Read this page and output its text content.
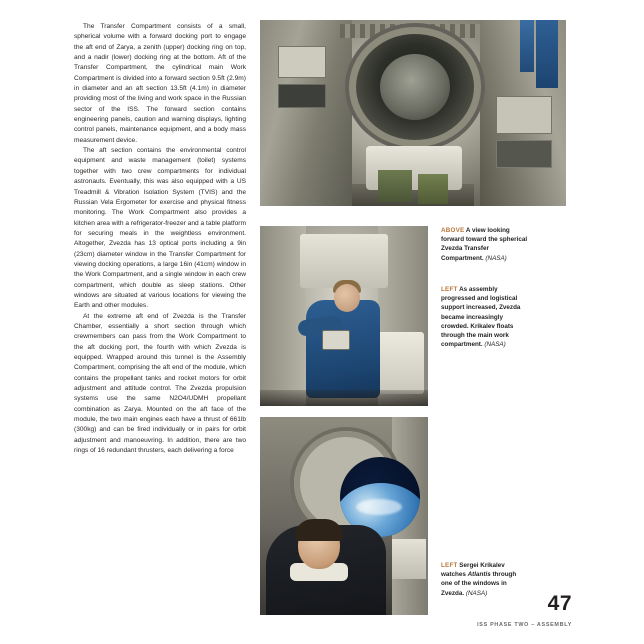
The Transfer Compartment consists of a small, spherical volume with a forward docking port to engage the aft end of Zarya, a zenith (upper) docking ring on top, and a nadir (lower) docking ring at the bottom. Aft of the Transfer Compartment, the cylindrical main Work Compartment is divided into a forward section 9.5ft (2.9m) in diameter and an aft section 13.5ft (4.1m) in diameter providing most of the living and work space in the Russian sector of the ISS. The forward section contains engineering panels, caution and warning displays, lighting control panels, maintenance equipment, and a body mass measurement device.

The aft section contains the environmental control equipment and waste management (toilet) systems together with two crew compartments for individual astronauts. Eventually, this was also equipped with a US Treadmill & Vibration Isolation System (TVIS) and the Russian Vela Ergometer for exercise and physical fitness monitoring. The Work Compartment also provides a kitchen area with a refrigerator-freezer and a table platform for securing meals in the weightless environment. Altogether, Zvezda has 13 optical ports including a 9in (23cm) diameter window in the Transfer Compartment for viewing docking operations, a large 16in (41cm) window in the Work Compartment, and a single window in each crew compartment, which double as sleep stations. Other windows are situated at various locations for viewing the Earth and other modules.

At the extreme aft end of Zvezda is the Transfer Chamber, essentially a short section through which crewmembers can pass from the Work Compartment to the aft docking port, the fourth with which Zvezda is equipped. Wrapped around this tunnel is the Assembly Compartment, comprising the aft end of the module, which contains the propellant tanks and rocket motors for orbit adjustment and attitude control. The Zvezda propulsion systems use the same N2O4/UDMH propellant combination as Zarya. Mounted on the aft face of the module, the two main engines each have a thrust of 661lb (300kg) and can be fired individually or in pairs for orbit adjustment and manoeuvring. In addition, there are two rings of 16 redundant thrusters, each delivering a force

ABOVE A view looking forward toward the spherical Zvezda Transfer Compartment. (NASA)
LEFT As assembly progressed and logistical support increased, Zvezda became increasingly crowded. Krikalev floats through the main work compartment. (NASA)
LEFT Sergei Krikalev watches Atlantis through one of the windows in Zvezda. (NASA)	47
ISS PHASE TWO – ASSEMBLY
